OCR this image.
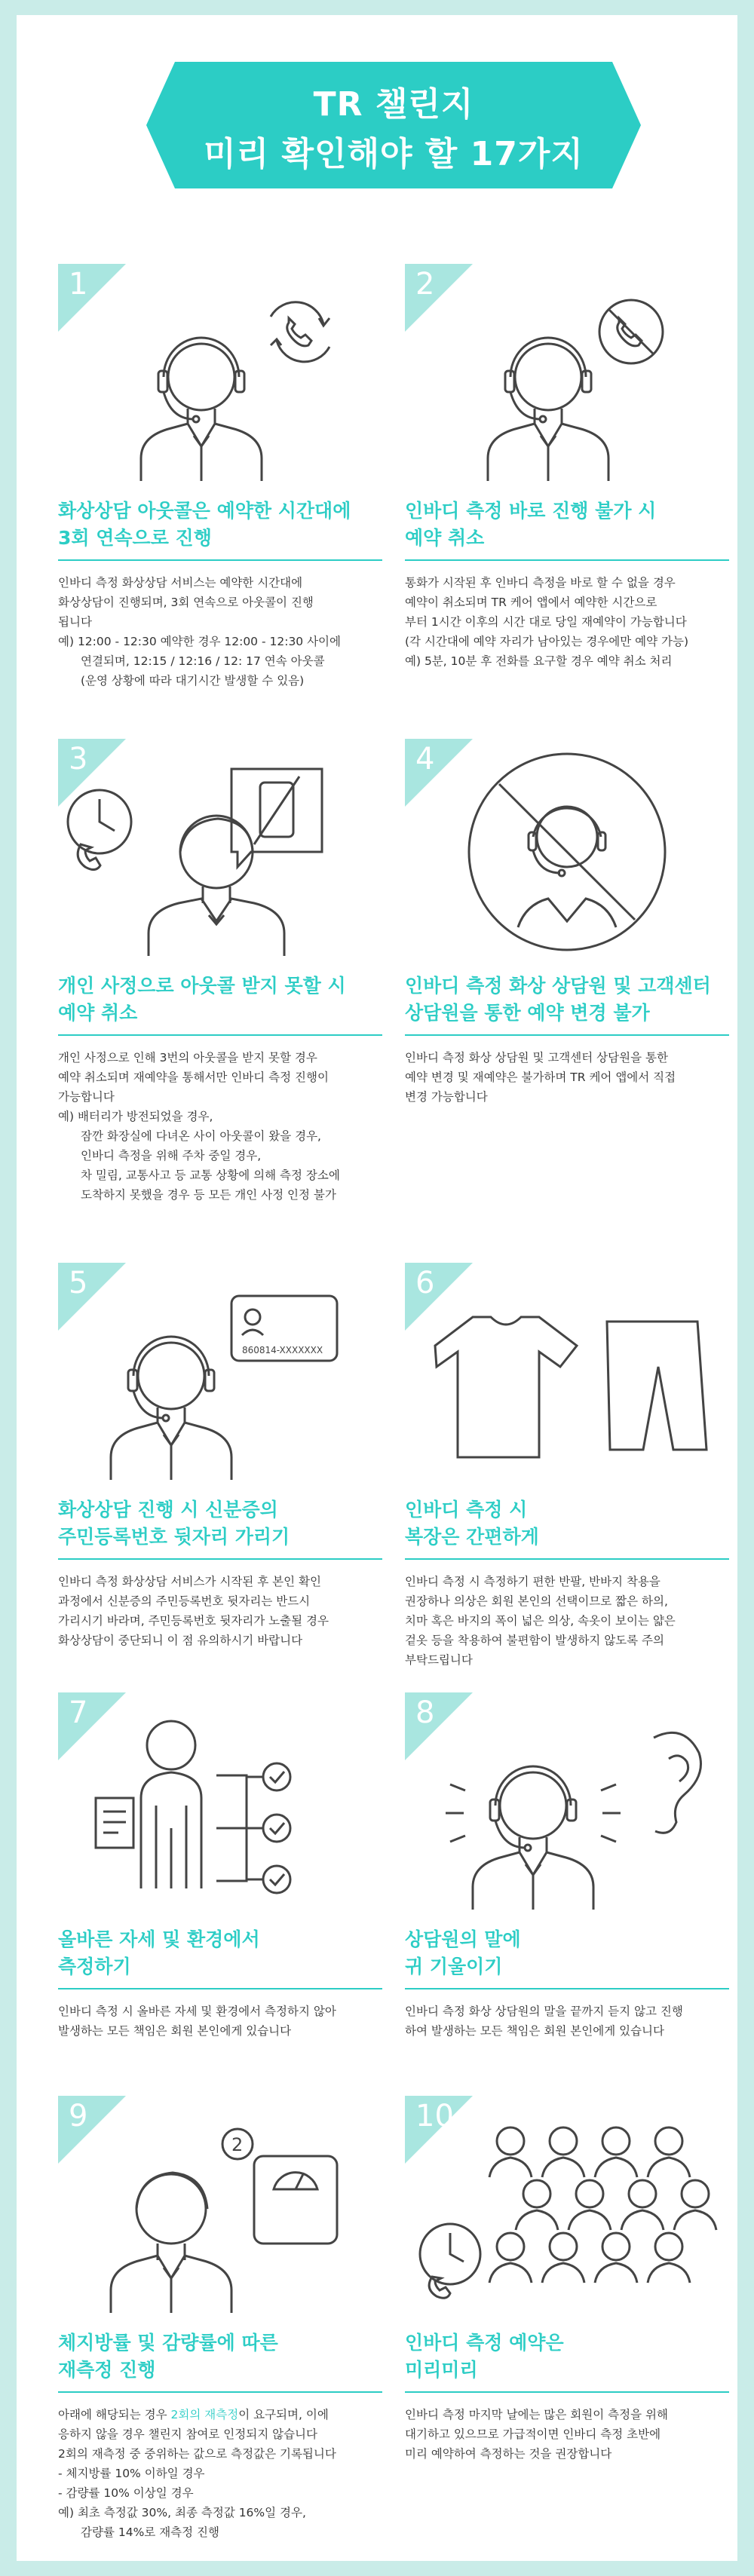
TR 챌린지
미리 확인해야 할 17가지
1
화상상담 아웃콜은 예약한 시간대에
3회 연속으로 진행

인바디 측정 화상상담 서비스는 예약한 시간대에

화상상담이 진행되며, 3회 연속으로 아웃콜이 진행

됩니다

예) 12:00 - 12:30 예약한 경우 12:00 - 12:30 사이에

연결되며, 12:15 / 12:16 / 12: 17 연속 아웃콜

(운영 상황에 따라 대기시간 발생할 수 있음)

2
인바디 측정 바로 진행 불가 시
예약 취소

통화가 시작된 후 인바디 측정을 바로 할 수 없을 경우

예약이 취소되며 TR 케어 앱에서 예약한 시간으로

부터 1시간 이후의 시간 대로 당일 재예약이 가능합니다

(각 시간대에 예약 자리가 남아있는 경우에만 예약 가능)

예) 5분, 10분 후 전화를 요구할 경우 예약 취소 처리

3
개인 사정으로 아웃콜 받지 못할 시
예약 취소

개인 사정으로 인해 3번의 아웃콜을 받지 못할 경우

예약 취소되며 재예약을 통해서만 인바디 측정 진행이

가능합니다

예) 배터리가 방전되었을 경우,

잠깐 화장실에 다녀온 사이 아웃콜이 왔을 경우,

인바디 측정을 위해 주차 중일 경우,

차 밀림, 교통사고 등 교통 상황에 의해 측정 장소에

도착하지 못했을 경우 등 모든 개인 사정 인정 불가

4
인바디 측정 화상 상담원 및 고객센터
상담원을 통한 예약 변경 불가

인바디 측정 화상 상담원 및 고객센터 상담원을 통한

예약 변경 및 재예약은 불가하며 TR 케어 앱에서 직접

변경 가능합니다

860814-XXXXXXX
5
화상상담 진행 시 신분증의
주민등록번호 뒷자리 가리기

인바디 측정 화상상담 서비스가 시작된 후 본인 확인

과정에서 신분증의 주민등록번호 뒷자리는 반드시

가리시기 바라며, 주민등록번호 뒷자리가 노출될 경우

화상상담이 중단되니 이 점 유의하시기 바랍니다

6
인바디 측정 시
복장은 간편하게

인바디 측정 시 측정하기 편한 반팔, 반바지 착용을

권장하나 의상은 회원 본인의 선택이므로 짧은 하의,

치마 혹은 바지의 폭이 넓은 의상, 속옷이 보이는 얇은

겉옷 등을 착용하여 불편함이 발생하지 않도록 주의

부탁드립니다

7
올바른 자세 및 환경에서
측정하기

인바디 측정 시 올바른 자세 및 환경에서 측정하지 않아

발생하는 모든 책임은 회원 본인에게 있습니다

8
상담원의 말에
귀 기울이기

인바디 측정 화상 상담원의 말을 끝까지 듣지 않고 진행

하여 발생하는 모든 책임은 회원 본인에게 있습니다

2
9
체지방률 및 감량률에 따른
재측정 진행

아래에 해당되는 경우 2회의 재측정이 요구되며, 이에

응하지 않을 경우 챌린지 참여로 인정되지 않습니다

2회의 재측정 중 중위하는 값으로 측정값은 기록됩니다

- 체지방률 10% 이하일 경우

- 감량률 10% 이상일 경우

예) 최초 측정값 30%, 최종 측정값 16%일 경우,

감량률 14%로 재측정 진행

10
인바디 측정 예약은
미리미리

인바디 측정 마지막 날에는 많은 회원이 측정을 위해

대기하고 있으므로 가급적이면 인바디 측정 초반에

미리 예약하여 측정하는 것을 권장합니다
